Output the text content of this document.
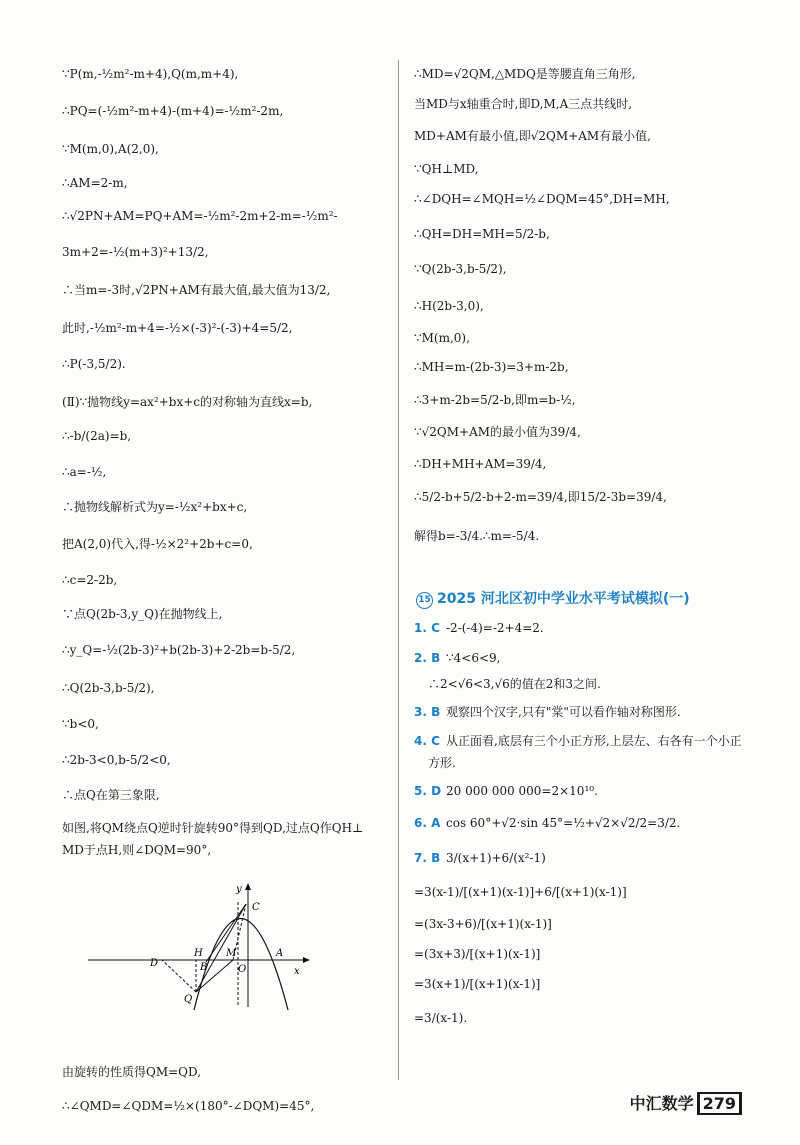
∵P(m,-½m²-m+4),Q(m,m+4),
∴PQ=(-½m²-m+4)-(m+4)=-½m²-2m,
∵M(m,0),A(2,0),
∴AM=2-m,
∴√2PN+AM=PQ+AM=-½m²-2m+2-m=-½m²-
3m+2=-½(m+3)²+13/2,
∴当m=-3时,√2PN+AM有最大值,最大值为13/2,
此时,-½m²-m+4=-½×(-3)²-(-3)+4=5/2,
∴P(-3,5/2).
(Ⅱ)∵抛物线y=ax²+bx+c的对称轴为直线x=b,
∴-b/(2a)=b,
∴a=-½,
∴抛物线解析式为y=-½x²+bx+c,
把A(2,0)代入,得-½×2²+2b+c=0,
∴c=2-2b,
∵点Q(2b-3,y_Q)在抛物线上,
∴y_Q=-½(2b-3)²+b(2b-3)+2-2b=b-5/2,
∴Q(2b-3,b-5/2),
∵b<0,
∴2b-3<0,b-5/2<0,
∴点Q在第三象限,
如图,将QM绕点Q逆时针旋转90°得到QD,过点Q作QH⊥
MD于点H,则∠DQM=90°,
由旋转的性质得QM=QD,
∴∠QMD=∠QDM=½×(180°-∠DQM)=45°,
∴MD=√2QM,△MDQ是等腰直角三角形,
当MD与x轴重合时,即D,M,A三点共线时,
MD+AM有最小值,即√2QM+AM有最小值,
∵QH⊥MD,
∴∠DQH=∠MQH=½∠DQM=45°,DH=MH,
∴QH=DH=MH=5/2-b,
∵Q(2b-3,b-5/2),
∴H(2b-3,0),
∵M(m,0),
∴MH=m-(2b-3)=3+m-2b,
∴3+m-2b=5/2-b,即m=b-½,
∵√2QM+AM的最小值为39/4,
∴DH+MH+AM=39/4,
∴5/2-b+5/2-b+2-m=39/4,即15/2-3b=39/4,
解得b=-3/4.∴m=-5/4.
15 2025 河北区初中学业水平考试模拟(一)
1. C -2-(-4)=-2+4=2.
2. B ∵4<6<9,
∴2<√6<3,√6的值在2和3之间.
3. B 观察四个汉字,只有"棠"可以看作轴对称图形.
4. C 从正面看,底层有三个小正方形,上层左、右各有一个小正
方形.
5. D 20 000 000 000=2×10¹⁰.
6. A cos 60°+√2·sin 45°=½+√2×√2/2=3/2.
7. B 3/(x+1)+6/(x²-1)
=3(x-1)/[(x+1)(x-1)]+6/[(x+1)(x-1)]
=(3x-3+6)/[(x+1)(x-1)]
=(3x+3)/[(x+1)(x-1)]
=3(x+1)/[(x+1)(x-1)]
=3/(x-1).
y
x
C
H M	A
D	B	O
Q
中汇数学 279
